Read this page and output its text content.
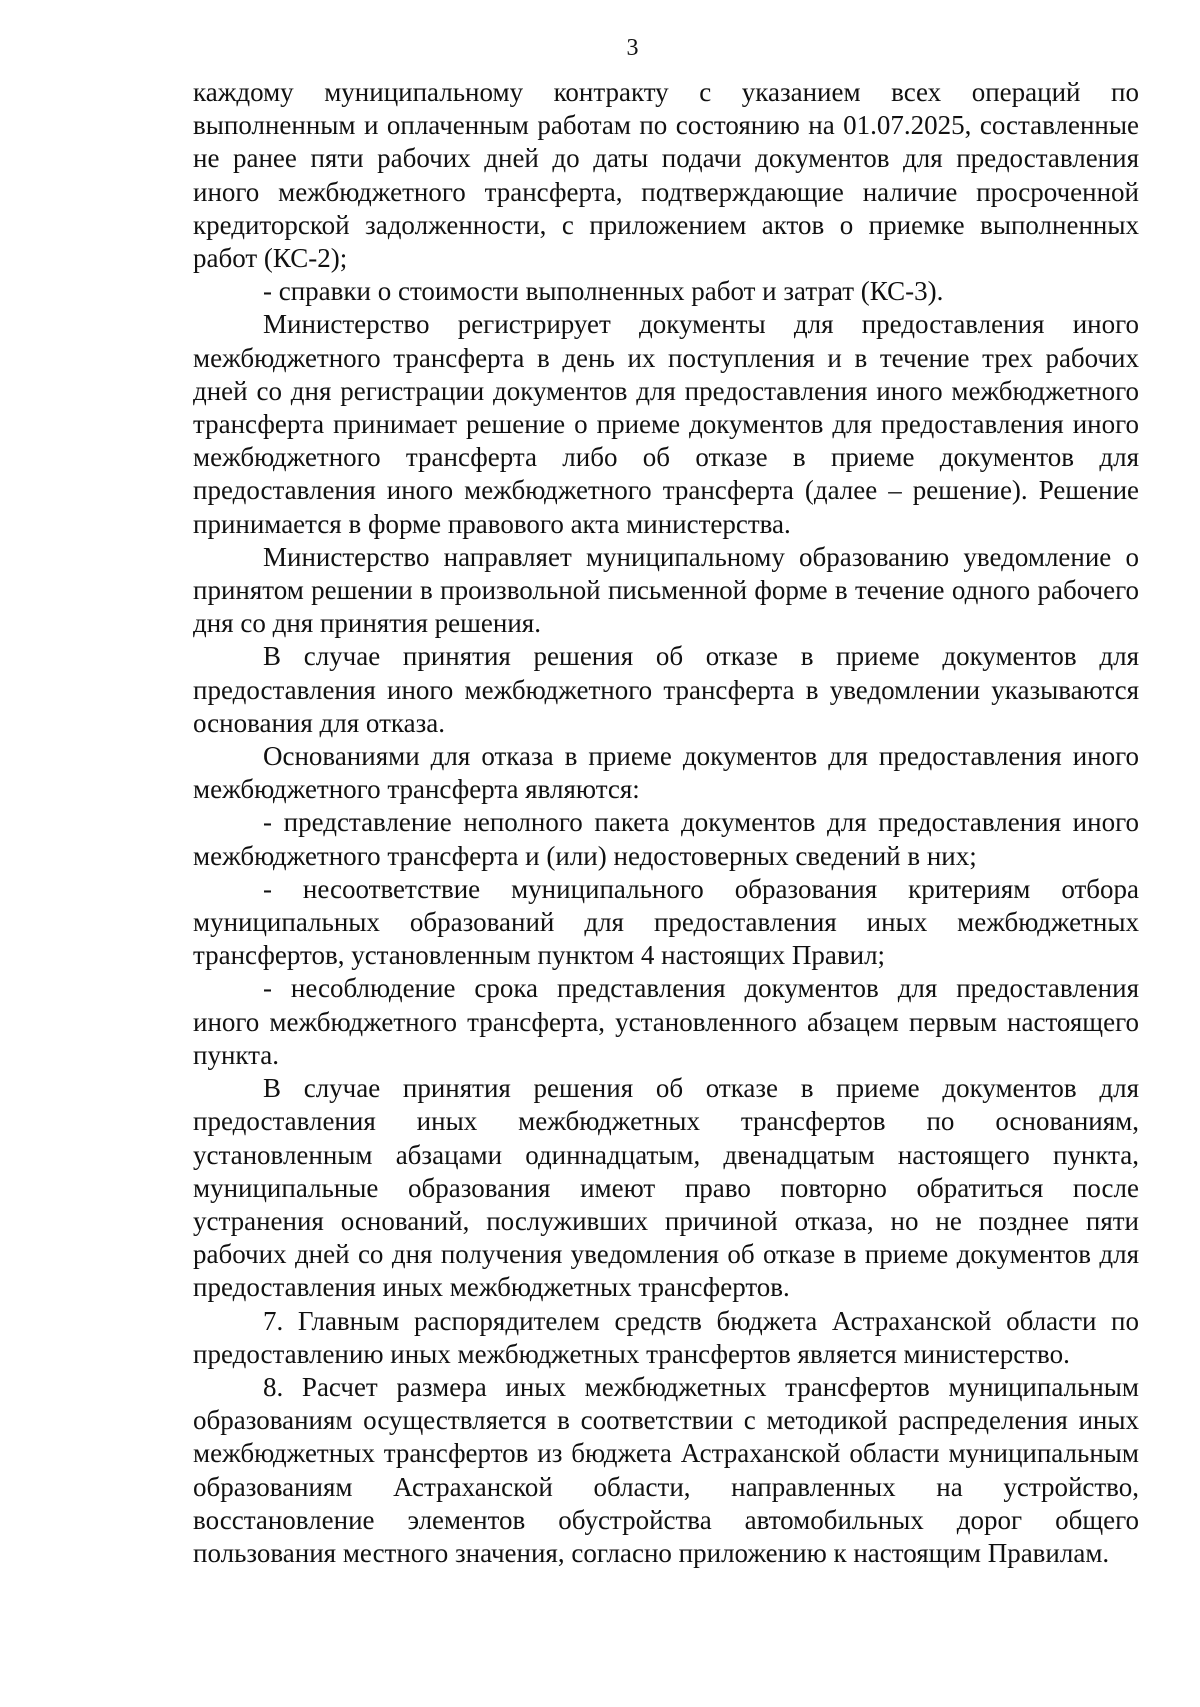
3

каждому муниципальному контракту с указанием всех операций по выполненным и оплаченным работам по состоянию на 01.07.2025, составленные не ранее пяти рабочих дней до даты подачи документов для предоставления иного межбюджетного трансферта, подтверждающие наличие просроченной кредиторской задолженности, с приложением актов о приемке выполненных работ (КС-2);

- справки о стоимости выполненных работ и затрат (КС-3).

Министерство регистрирует документы для предоставления иного межбюджетного трансферта в день их поступления и в течение трех рабочих дней со дня регистрации документов для предоставления иного межбюджетного трансферта принимает решение о приеме документов для предоставления иного межбюджетного трансферта либо об отказе в приеме документов для предоставления иного межбюджетного трансферта (далее – решение). Решение принимается в форме правового акта министерства.

Министерство направляет муниципальному образованию уведомление о принятом решении в произвольной письменной форме в течение одного рабочего дня со дня принятия решения.

В случае принятия решения об отказе в приеме документов для предоставления иного межбюджетного трансферта в уведомлении указываются основания для отказа.

Основаниями для отказа в приеме документов для предоставления иного межбюджетного трансферта являются:

- представление неполного пакета документов для предоставления иного межбюджетного трансферта и (или) недостоверных сведений в них;

- несоответствие муниципального образования критериям отбора муниципальных образований для предоставления иных межбюджетных трансфертов, установленным пунктом 4 настоящих Правил;

- несоблюдение срока представления документов для предоставления иного межбюджетного трансферта, установленного абзацем первым настоящего пункта.

В случае принятия решения об отказе в приеме документов для предоставления иных межбюджетных трансфертов по основаниям, установленным абзацами одиннадцатым, двенадцатым настоящего пункта, муниципальные образования имеют право повторно обратиться после устранения оснований, послуживших причиной отказа, но не позднее пяти рабочих дней со дня получения уведомления об отказе в приеме документов для предоставления иных межбюджетных трансфертов.

7. Главным распорядителем средств бюджета Астраханской области по предоставлению иных межбюджетных трансфертов является министерство.

8. Расчет размера иных межбюджетных трансфертов муниципальным образованиям осуществляется в соответствии с методикой распределения иных межбюджетных трансфертов из бюджета Астраханской области муниципальным образованиям Астраханской области, направленных на устройство, восстановление элементов обустройства автомобильных дорог общего пользования местного значения, согласно приложению к настоящим Правилам.
